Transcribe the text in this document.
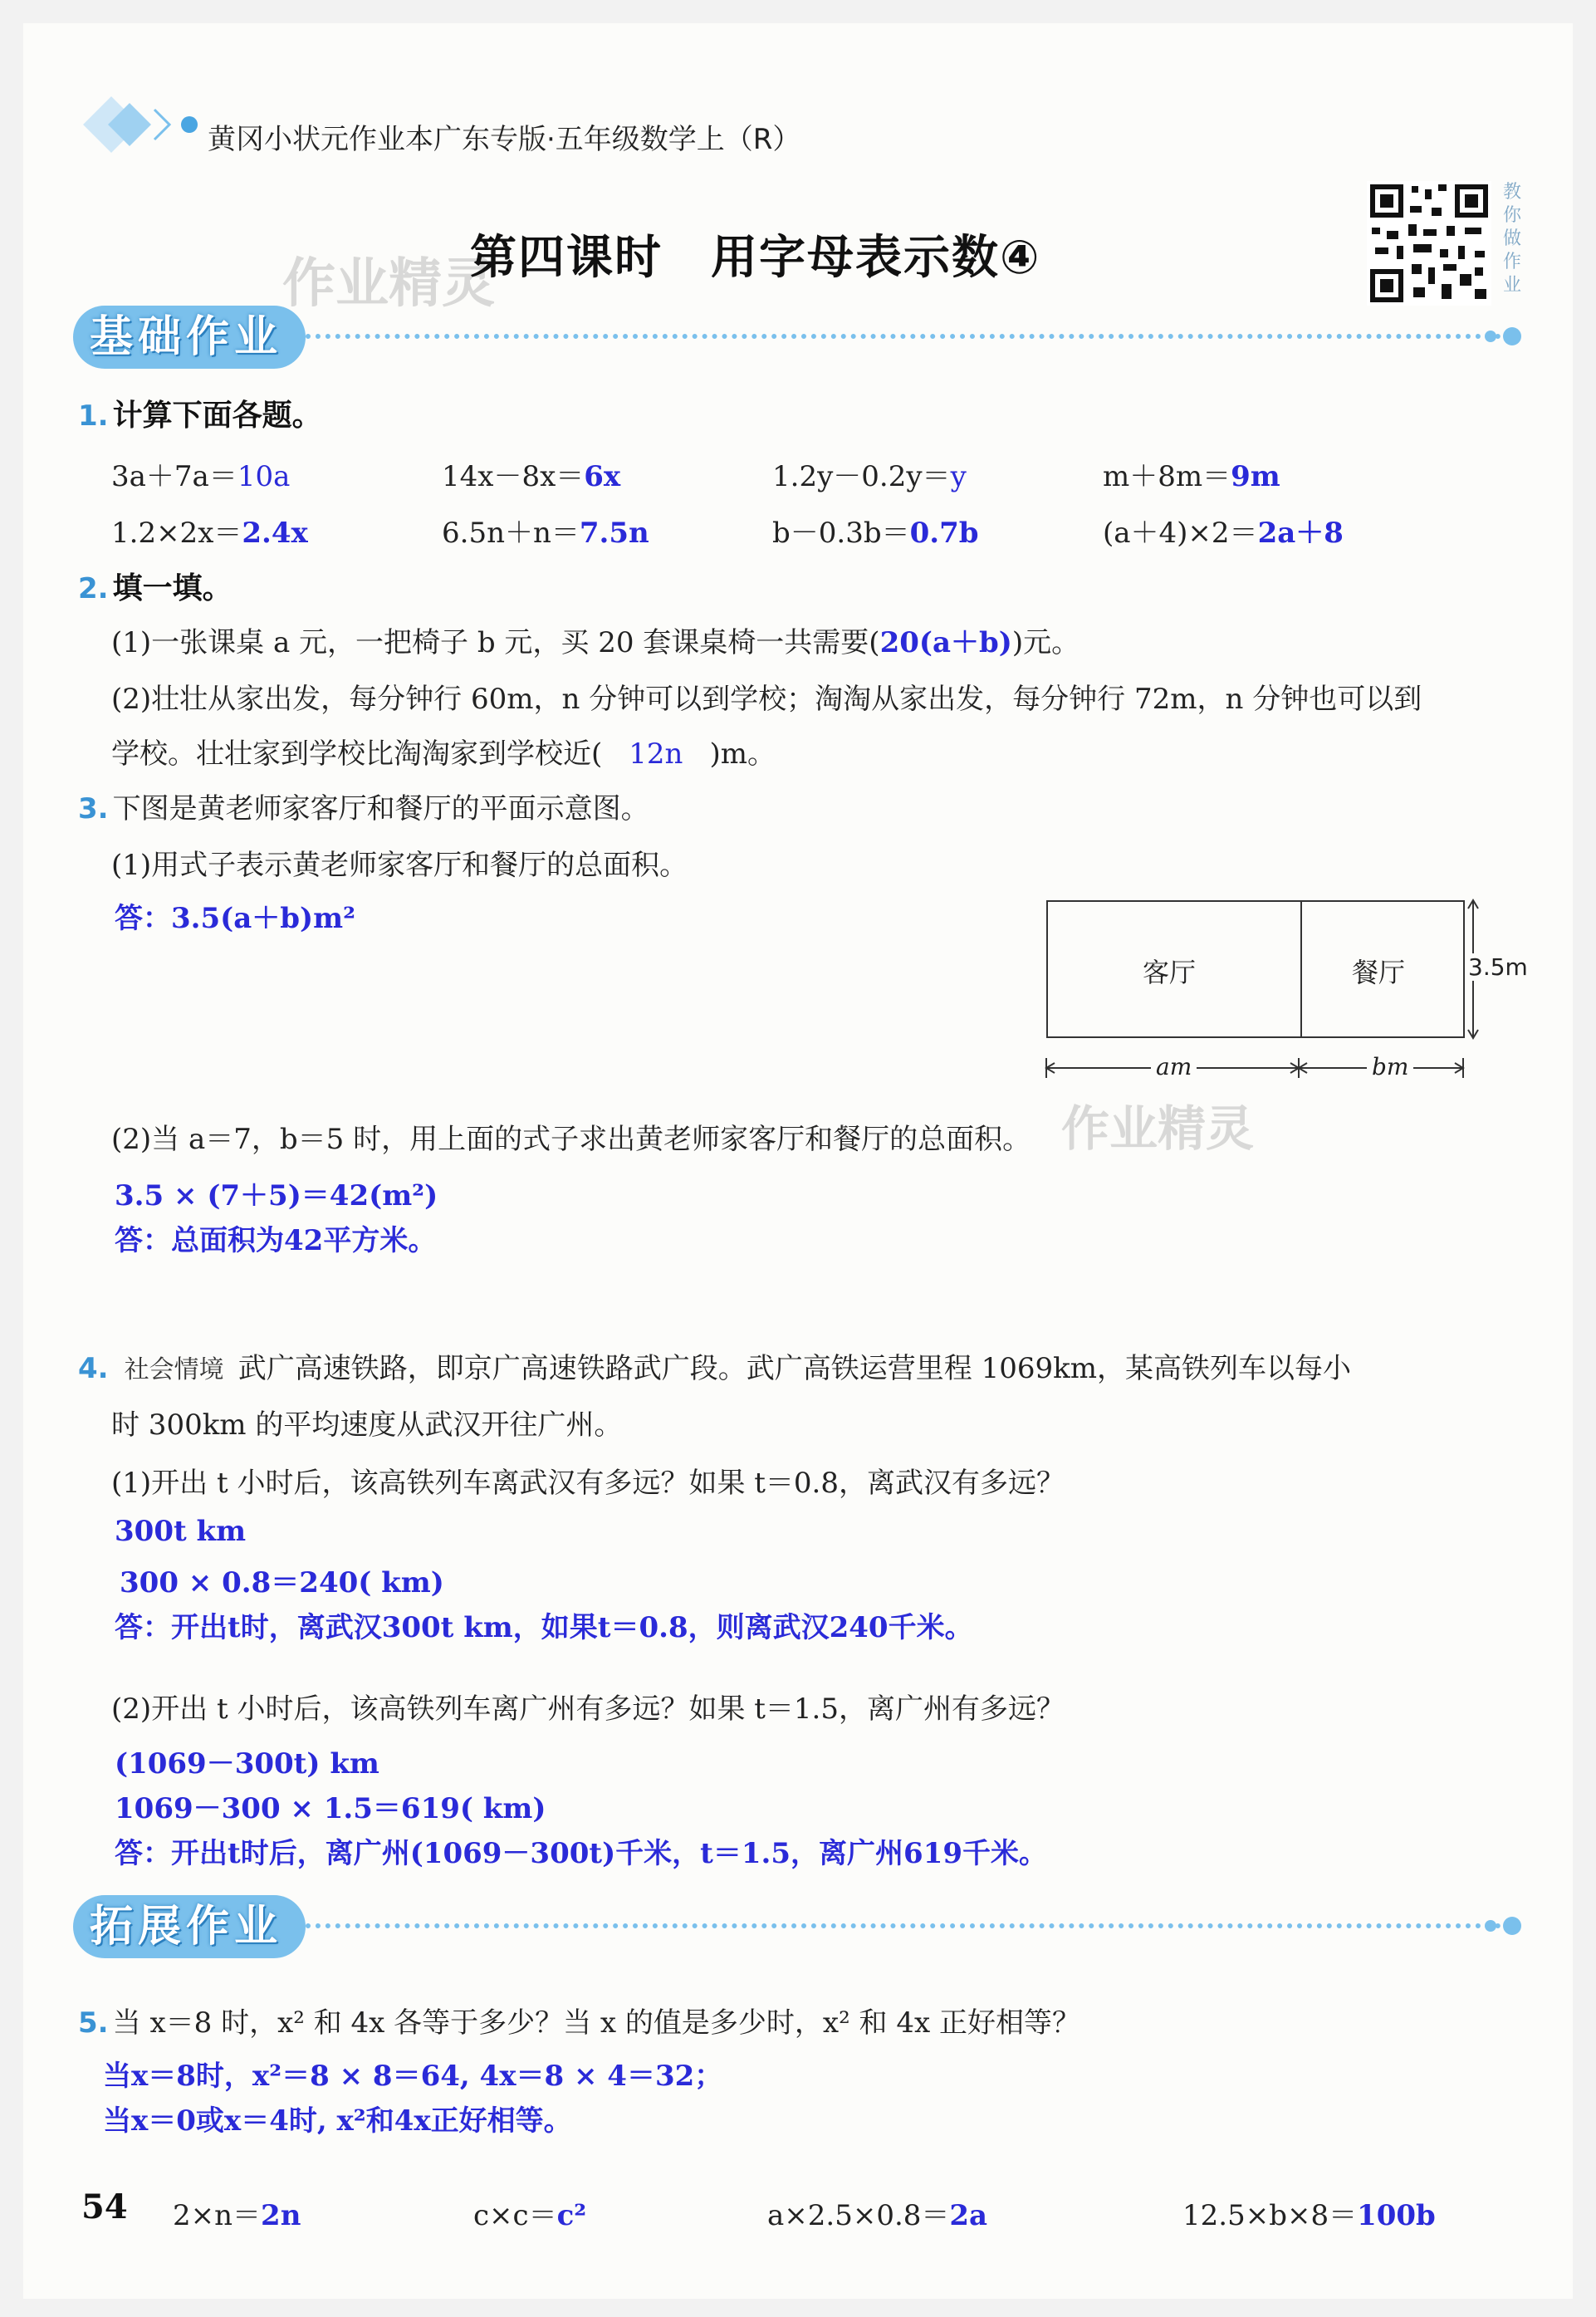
黄冈小状元作业本广东专版·五年级数学上（R）
作业精灵
第四课时　用字母表示数④
教你做作业
基础作业
1. 计算下面各题。
3a＋7a＝10a	14x－8x＝6x	1.2y－0.2y＝y	m＋8m＝9m
1.2×2x＝2.4x	6.5n＋n＝7.5n	b－0.3b＝0.7b	(a＋4)×2＝2a＋8
2. 填一填。
(1)一张课桌 a 元，一把椅子 b 元，买 20 套课桌椅一共需要(20(a＋b))元。
(2)壮壮从家出发，每分钟行 60m，n 分钟可以到学校；淘淘从家出发，每分钟行 72m，n 分钟也可以到
学校。壮壮家到学校比淘淘家到学校近( 12n )m。
3. 下图是黄老师家客厅和餐厅的平面示意图。
(1)用式子表示黄老师家客厅和餐厅的总面积。
答：3.5(a＋b)m²
客厅	餐厅	3.5m
am	bm
(2)当 a＝7，b＝5 时，用上面的式子求出黄老师家客厅和餐厅的总面积。 作业精灵
3.5 × (7＋5)＝42(m²)
答：总面积为42平方米。
4. 社会情境 武广高速铁路，即京广高速铁路武广段。武广高铁运营里程 1069km，某高铁列车以每小
时 300km 的平均速度从武汉开往广州。
(1)开出 t 小时后，该高铁列车离武汉有多远？如果 t＝0.8，离武汉有多远？
300t km
300 × 0.8＝240( km)
答：开出t时，离武汉300t km，如果t＝0.8，则离武汉240千米。
(2)开出 t 小时后，该高铁列车离广州有多远？如果 t＝1.5，离广州有多远？
(1069－300t) km
1069－300 × 1.5＝619( km)
答：开出t时后，离广州(1069－300t)千米，t＝1.5，离广州619千米。
拓展作业
5. 当 x＝8 时，x² 和 4x 各等于多少？当 x 的值是多少时，x² 和 4x 正好相等？
当x＝8时，x²＝8 × 8＝64, 4x＝8 × 4＝32；
当x＝0或x＝4时, x²和4x正好相等。
54 2×n＝2n	c×c＝c²	a×2.5×0.8＝2a	12.5×b×8＝100b
